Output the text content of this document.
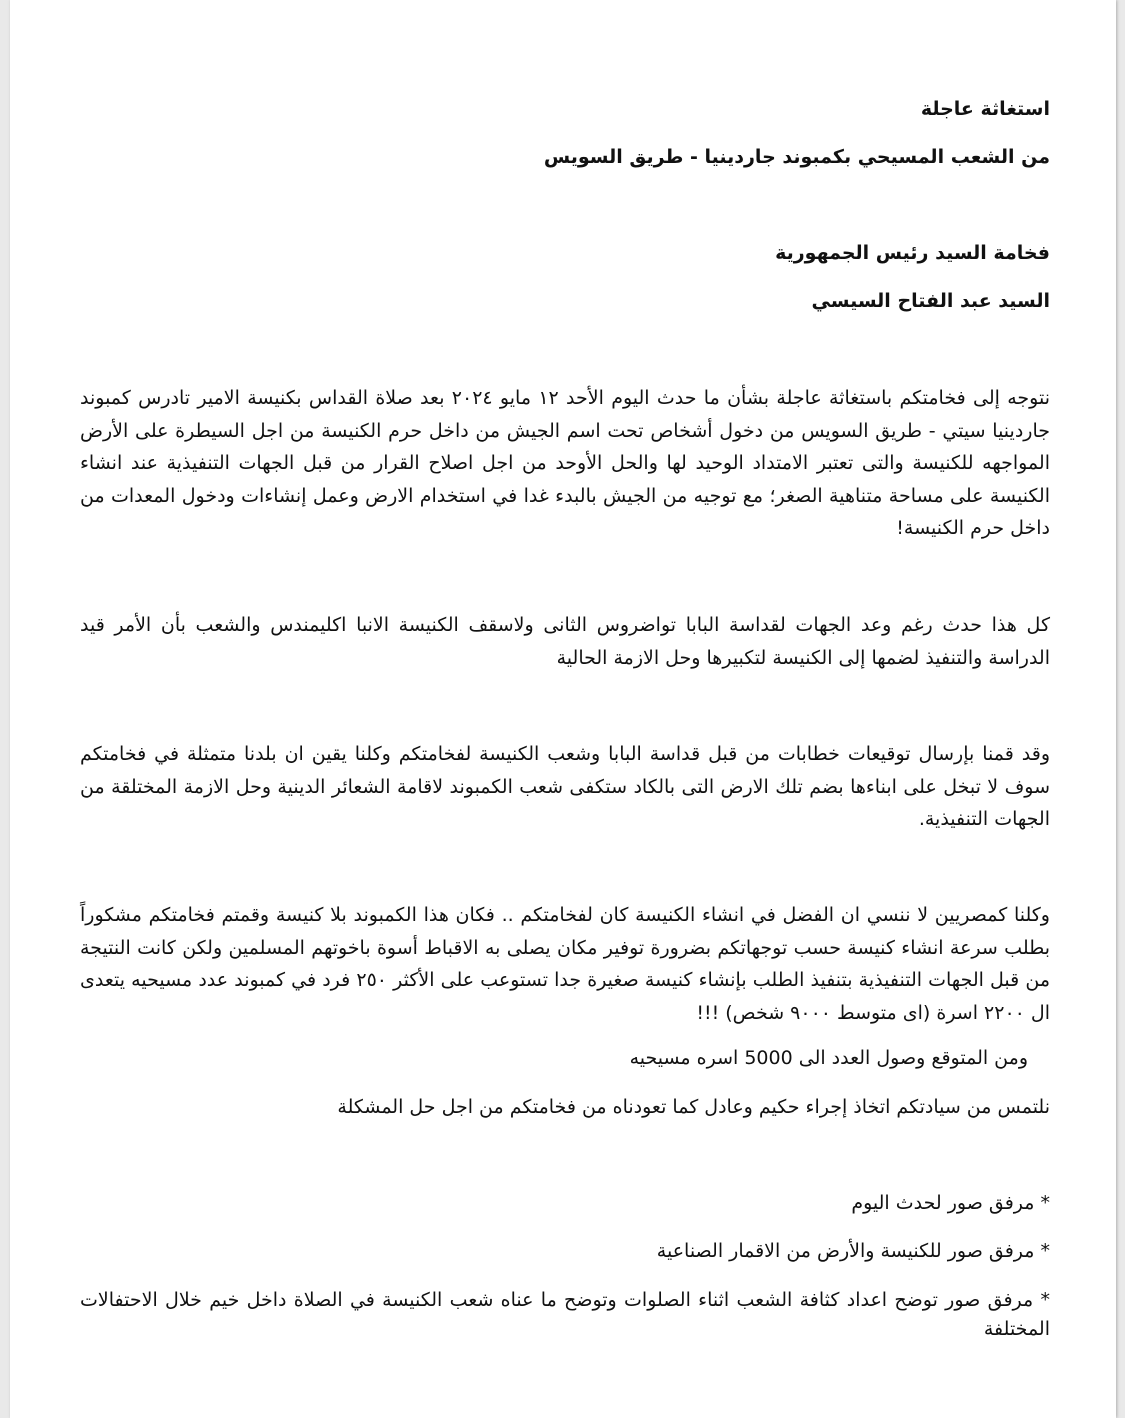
استغاثة عاجلة
من الشعب المسيحي بكمبوند جاردينيا - طريق السويس
فخامة السيد رئيس الجمهورية
السيد عبد الفتاح السيسي
نتوجه إلى فخامتكم باستغاثة عاجلة بشأن ما حدث اليوم الأحد ١٢ مايو ٢٠٢٤ بعد صلاة القداس بكنيسة الامير تادرس كمبوند جاردينيا سيتي - طريق السويس من دخول أشخاص تحت اسم الجيش من داخل حرم الكنيسة من اجل السيطرة على الأرض المواجهه للكنيسة والتى تعتبر الامتداد الوحيد لها والحل الأوحد من اجل اصلاح القرار من قبل الجهات التنفيذية عند انشاء الكنيسة على مساحة متناهية الصغر؛ مع توجيه من الجيش بالبدء غدا في استخدام الارض وعمل إنشاءات ودخول المعدات من داخل حرم الكنيسة!
كل هذا حدث رغم وعد الجهات لقداسة البابا تواضروس الثانى ولاسقف الكنيسة الانبا اكليمندس والشعب بأن الأمر قيد الدراسة والتنفيذ لضمها إلى الكنيسة لتكبيرها وحل الازمة الحالية
وقد قمنا بإرسال توقيعات خطابات من قبل قداسة البابا وشعب الكنيسة لفخامتكم وكلنا يقين ان بلدنا متمثلة في فخامتكم سوف لا تبخل على ابناءها بضم تلك الارض التى بالكاد ستكفى شعب الكمبوند لاقامة الشعائر الدينية وحل الازمة المختلقة من الجهات التنفيذية.
وكلنا كمصريين لا ننسي ان الفضل في انشاء الكنيسة كان لفخامتكم .. فكان هذا الكمبوند بلا كنيسة وقمتم فخامتكم مشكوراً بطلب سرعة انشاء كنيسة حسب توجهاتكم بضرورة توفير مكان يصلى به الاقباط أسوة باخوتهم المسلمين ولكن كانت النتيجة من قبل الجهات التنفيذية بتنفيذ الطلب بإنشاء كنيسة صغيرة جدا تستوعب على الأكثر ٢٥٠ فرد في كمبوند عدد مسيحيه يتعدى ال ٢٢٠٠ اسرة (اى متوسط ٩٠٠٠ شخص) !!!
ومن المتوقع وصول العدد الى 5000 اسره مسيحيه
نلتمس من سيادتكم اتخاذ إجراء حكيم وعادل كما تعودناه من فخامتكم من اجل حل المشكلة
* مرفق صور لحدث اليوم
* مرفق صور للكنيسة والأرض من الاقمار الصناعية
* مرفق صور توضح اعداد كثافة الشعب اثناء الصلوات وتوضح ما عناه شعب الكنيسة في الصلاة داخل خيم خلال الاحتفالات المختلفة
